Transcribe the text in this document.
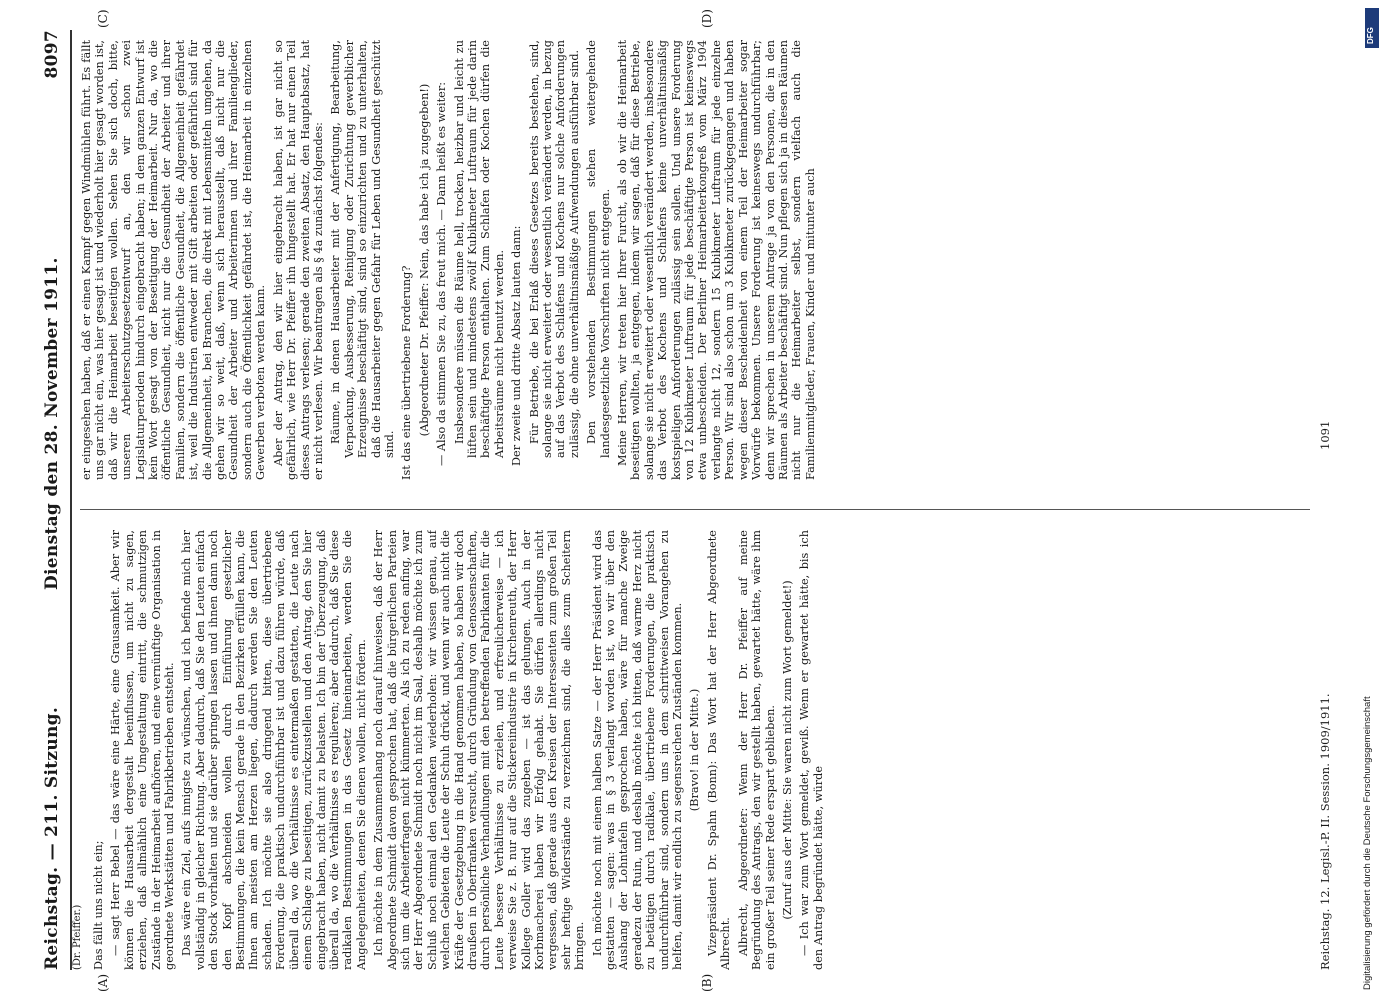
Reichstag. — 211. Sitzung.
Dienstag den 28. November 1911.
8097
(Dr. Pfeiffer.)
(A)	(B)
(C)	(D)

Das fällt uns nicht ein; — sagt Herr Bebel — das wäre eine Härte, eine Grausamkeit. Aber wir können die Hausarbeit dergestalt beeinflussen, um nicht zu sagen, erziehen, daß allmählich eine Umgestaltung eintritt, die schmutzigen Zustände in der Heimarbeit aufhören, und eine vernünftige Organisation in geordnete Werkstätten und Fabrikbetrieben entsteht. Das wäre ein Ziel, aufs innigste zu wünschen, und ich befinde mich hier vollständig in gleicher Richtung. Aber dadurch, daß Sie den Leuten einfach den Stock vorhalten und sie darüber springen lassen und ihnen dann noch den Kopf abschneiden wollen durch Einführung gesetzlicher Bestimmungen, die kein Mensch gerade in den Bezirken erfüllen kann, die Ihnen am meisten am Herzen liegen, dadurch werden Sie den Leuten schaden. Ich möchte sie also dringend bitten, diese übertriebene Forderung, die praktisch undurchführbar ist und dazu führen würde, daß überall da, wo die Verhältnisse es eintermaßen gestatten, die Leute nach einem Schlage zu beseitigen, zurückzustellen und den Antrag, den Sie hier eingebracht haben, nicht damit zu belasten. Ich bin der Überzeugung, daß überall da, wo die Verhältnisse es regulieren; aber dadurch, daß Sie diese radikalen Bestimmungen in das Gesetz hineinarbeiten, werden Sie die Angelegenheiten, denen Sie dienen wollen, nicht fördern. Ich möchte in dem Zusammenhang noch darauf hinweisen, daß der Herr Abgeordnete Schmidt davon gesprochen hat, daß die bürgerlichen Parteien sich um die Arbeiterfragen nicht kümmerten. Als ich zu reden anfing, war der Herr Abgeordnete Schmidt noch nicht im Saal, deshalb möchte ich zum Schluß noch einmal den Gedanken wiederholen: wir wissen genau, auf welchen Gebieten die Leute der Schuh drückt, und wenn wir auch nicht die Kräfte der Gesetzgebung in die Hand genommen haben, so haben wir doch draußen in Oberfranken versucht, durch Gründung von Genossenschaften, durch persönliche Verhandlungen mit den betreffenden Fabrikanten für die Leute bessere Verhältnisse zu erzielen, und erfreulicherweise — ich verweise Sie z. B. nur auf die Stickereiindustrie in Kirchenreuth, der Herr Kollege Goller wird das zugeben — ist das gelungen. Auch in der Korbmacherei haben wir Erfolg gehabt. Sie dürfen allerdings nicht vergessen, daß gerade aus den Kreisen der Interessenten zum großen Teil sehr heftige Widerstände zu verzeichnen sind, die alles zum Scheitern bringen. Ich möchte noch mit einem halben Satze — der Herr Präsident wird das gestatten — sagen: was in § 3 verlangt worden ist, wo wir über den Aushang der Lohntafeln gesprochen haben, wäre für manche Zweige geradezu der Ruin, und deshalb möchte ich bitten, daß warme Herz nicht zu betätigen durch radikale, übertriebene Forderungen, die praktisch undurchführbar sind, sondern uns in dem schrittweisen Vorangehen zu helfen, damit wir endlich zu segensreichen Zuständen kommen. (Bravo! in der Mitte.) Vizepräsident Dr. Spahn (Bonn): Das Wort hat der Herr Abgeordnete Albrecht. Albrecht, Abgeordneter: Wenn der Herr Dr. Pfeiffer auf meine Begründung des Antrags, den wir gestellt haben, gewartet hätte, wäre ihm ein großer Teil seiner Rede erspart geblieben. (Zuruf aus der Mitte: Sie waren nicht zum Wort gemeldet!) — Ich war zum Wort gemeldet, gewiß. Wenn er gewartet hätte, bis ich den Antrag begründet hätte, würde

er eingesehen haben, daß er einen Kampf gegen Windmühlen führt. Es fällt uns gar nicht ein, was hier gesagt ist und wiederholt hier gesagt worden ist, daß wir die Heimarbeit beseitigen wollen. Sehen Sie sich doch, bitte, unseren Arbeiterschutzgesetzentwurf an, den wir schon zwei Legislaturperioden hindurch eingebracht haben; in dem ganzen Entwurf ist kein Wort gesagt von der Beseitigung der Heimarbeit. Nur da, wo die öffentliche Gesundheit, nicht nur die Gesundheit der Arbeiter und ihrer Familien, sondern die öffentliche Gesundheit, die Allgemeinheit gefährdet ist, weil die Industrien entweder mit Gift arbeiten oder gefährlich sind für die Allgemeinheit, bei Branchen, die direkt mit Lebensmitteln umgehen, da gehen wir so weit, daß, wenn sich herausstellt, daß nicht nur die Gesundheit der Arbeiter und Arbeiterinnen und ihrer Familienglieder, sondern auch die Öffentlichkeit gefährdet ist, die Heimarbeit in einzelnen Gewerben verboten werden kann. Aber der Antrag, den wir hier eingebracht haben, ist gar nicht so gefährlich, wie Herr Dr. Pfeiffer ihn hingestellt hat. Er hat nur einen Teil dieses Antrags verlesen; gerade den zweiten Absatz, den Hauptabsatz, hat er nicht verlesen. Wir beantragen als § 4a zunächst folgendes: Räume, in denen Hausarbeiter mit der Anfertigung, Bearbeitung, Verpackung, Ausbesserung, Reinigung oder Zurichtung gewerblicher Erzeugnisse beschäftigt sind, sind so einzurichten und zu unterhalten, daß die Hausarbeiter gegen Gefahr für Leben und Gesundheit geschützt sind. Ist das eine übertriebene Forderung? (Abgeordneter Dr. Pfeiffer: Nein, das habe ich ja zugegeben!) — Also da stimmen Sie zu, das freut mich. — Dann heißt es weiter: Insbesondere müssen die Räume hell, trocken, heizbar und leicht zu lüften sein und mindestens zwölf Kubikmeter Luftraum für jede darin beschäftigte Person enthalten. Zum Schlafen oder Kochen dürfen die Arbeitsräume nicht benutzt werden. Der zweite und dritte Absatz lauten dann: Für Betriebe, die bei Erlaß dieses Gesetzes bereits bestehen, sind, solange sie nicht erweitert oder wesentlich verändert werden, in bezug auf das Verbot des Schlafens und Kochens nur solche Anforderungen zulässig, die ohne unverhältnismäßige Aufwendungen ausführbar sind. Den vorstehenden Bestimmungen stehen weitergehende landesgesetzliche Vorschriften nicht entgegen. Meine Herren, wir treten hier Ihrer Furcht, als ob wir die Heimarbeit beseitigen wollten, ja entgegen, indem wir sagen, daß für diese Betriebe, solange sie nicht erweitert oder wesentlich verändert werden, insbesondere das Verbot des Kochens und Schlafens keine unverhältnismäßig kostspieligen Anforderungen zulässig sein sollen. Und unsere Forderung von 12 Kubikmeter Luftraum für jede beschäftigte Person ist keineswegs etwa unbescheiden. Der Berliner Heimarbeiterkongreß vom März 1904 verlangte nicht 12, sondern 15 Kubikmeter Luftraum für jede einzelne Person. Wir sind also schon um 3 Kubikmeter zurückgegangen und haben wegen dieser Bescheidenheit von einem Teil der Heimarbeiter sogar Vorwürfe bekommen. Unsere Forderung ist keineswegs undurchführbar; denn wir sprechen in unserem Antrage ja von den Personen, die in den Räumen als Arbeiter beschäftigt sind. Nun pflegen sich ja in diesen Räumen nicht nur die Heimarbeiter selbst, sondern vielfach auch die Familienmitglieder, Frauen, Kinder und mitunter auch

Reichstag. 12. Legisl.-P. II. Session. 1909/1911.
1091
DFG
Digitalisierung gefördert durch die Deutsche Forschungsgemeinschaft
